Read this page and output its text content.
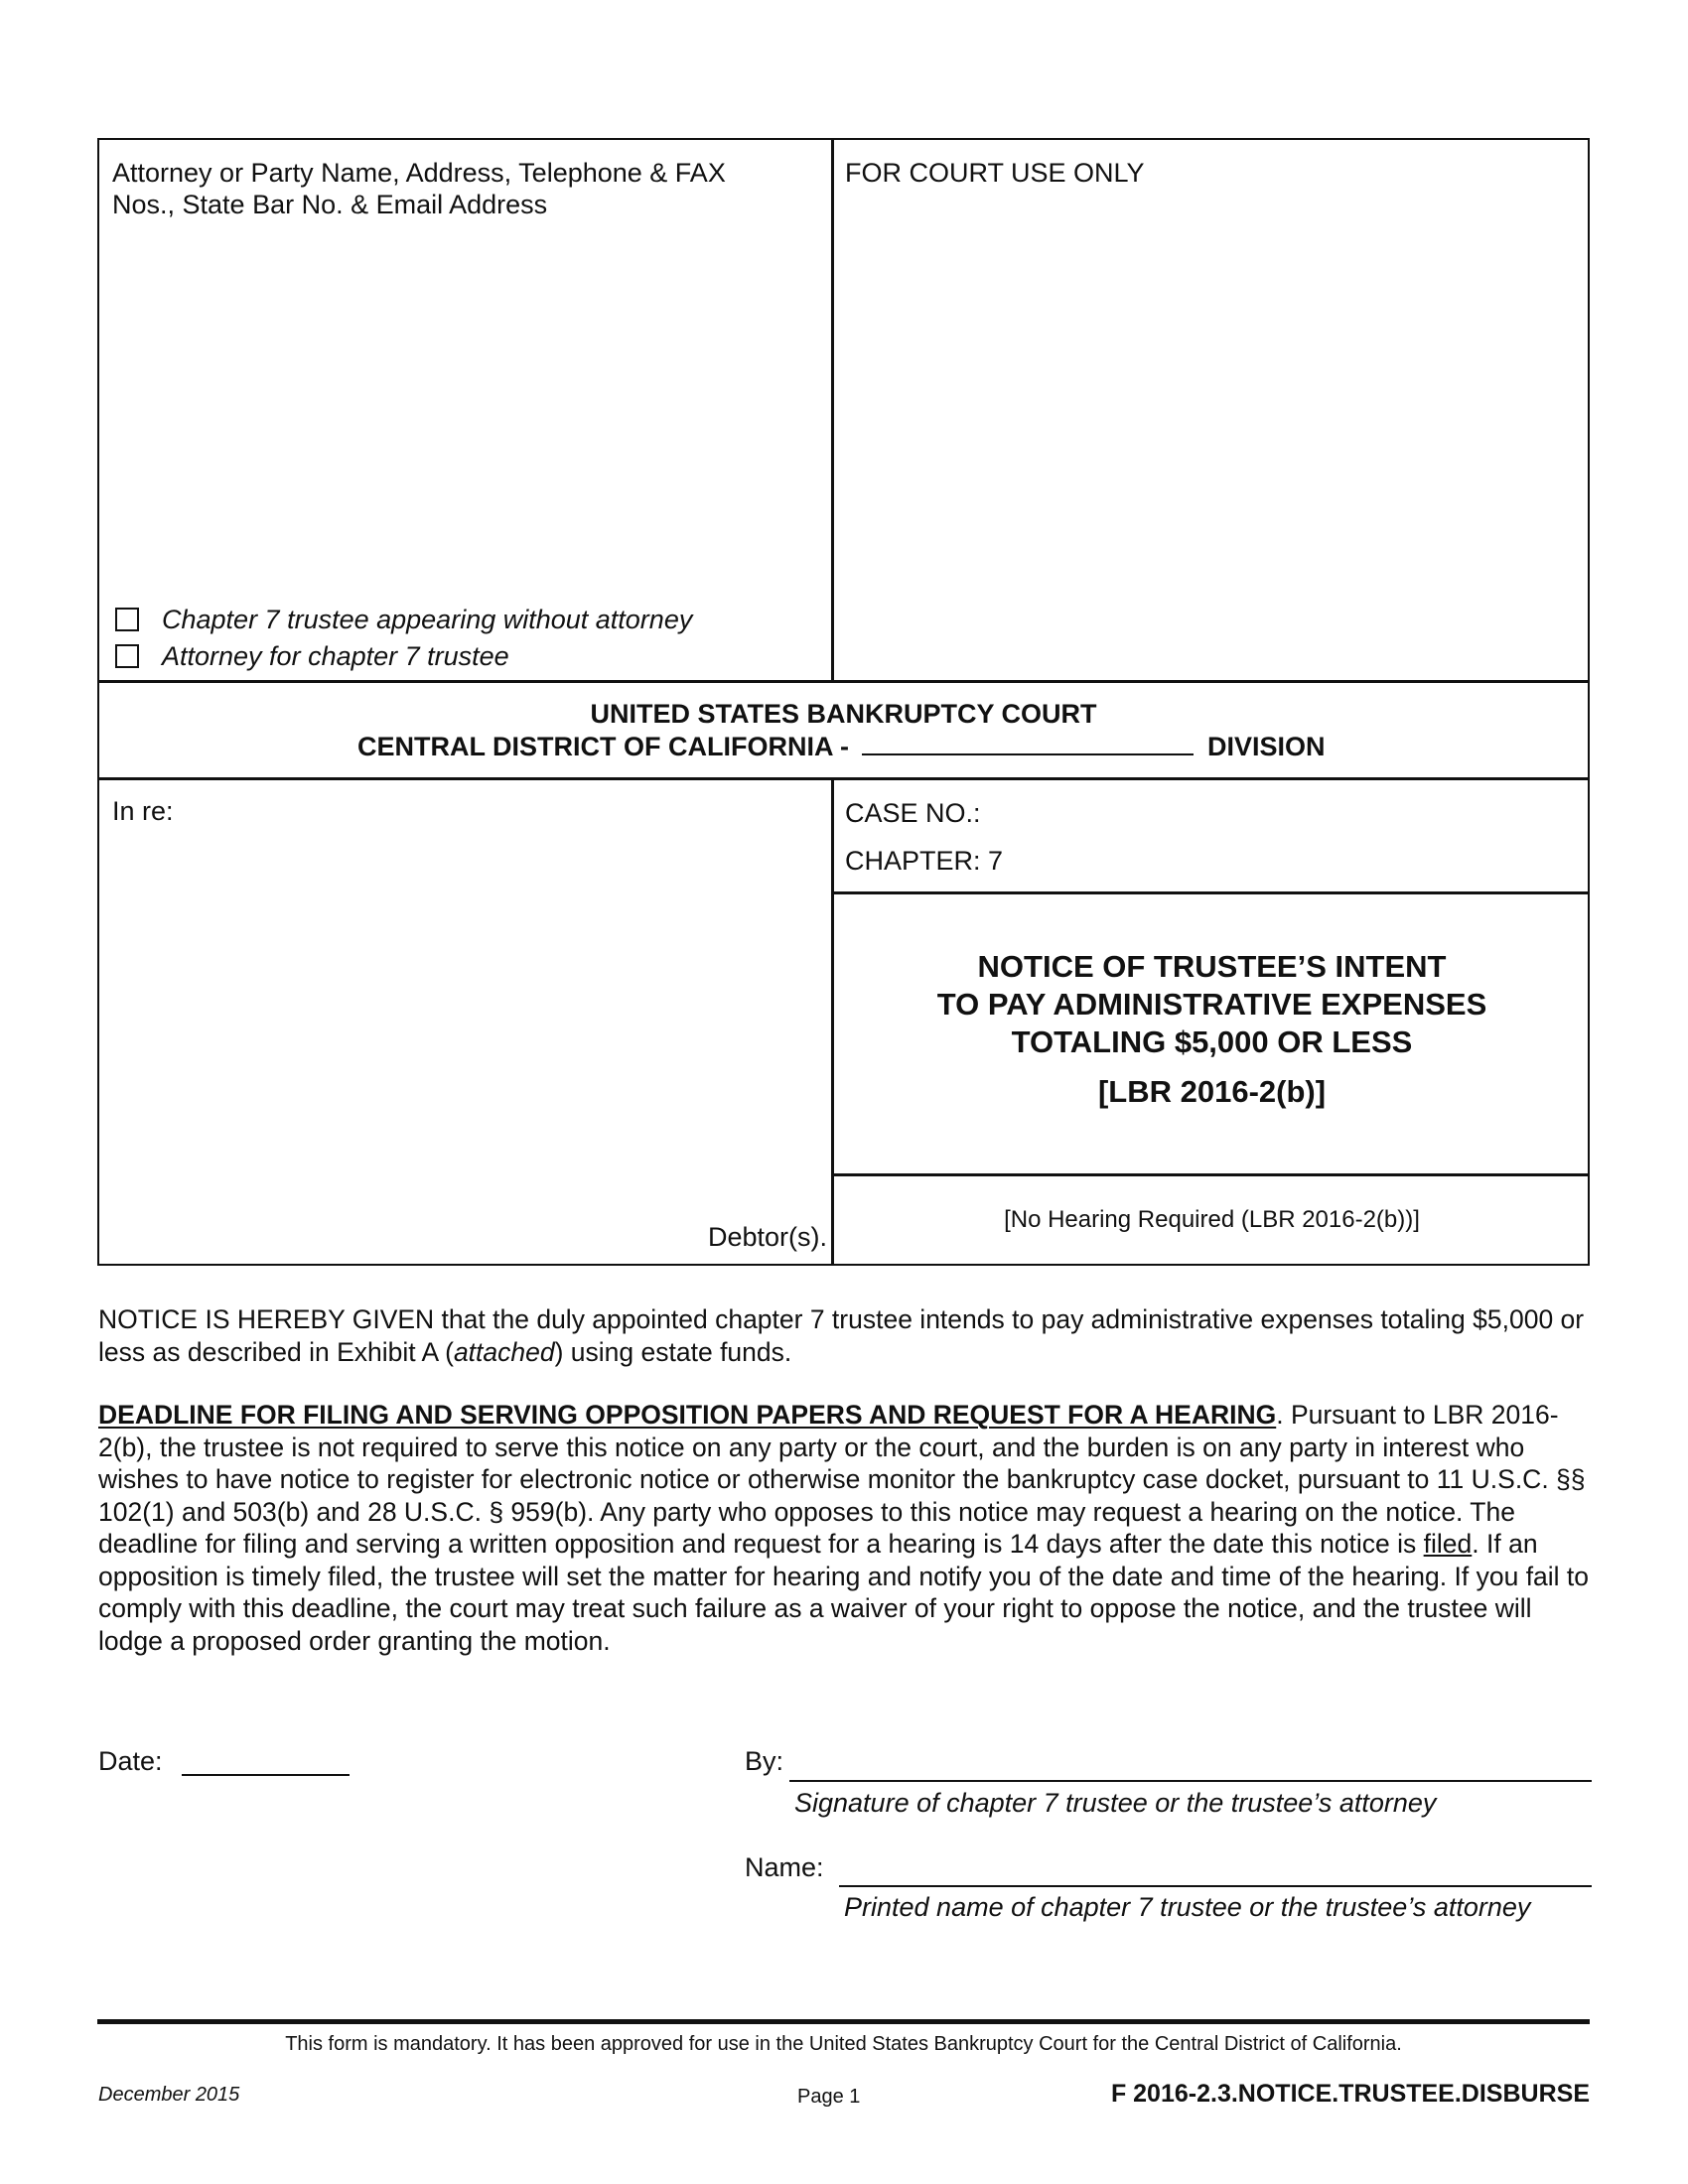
Attorney or Party Name, Address, Telephone & FAX
Nos., State Bar No. & Email Address
FOR COURT USE ONLY
Chapter 7 trustee appearing without attorney
Attorney for chapter 7 trustee
UNITED STATES BANKRUPTCY COURT
CENTRAL DISTRICT OF CALIFORNIA -	DIVISION
In re:
Debtor(s).
CASE NO.:
CHAPTER: 7
NOTICE OF TRUSTEE’S INTENT
TO PAY ADMINISTRATIVE EXPENSES
TOTALING $5,000 OR LESS
[LBR 2016-2(b)]
[No Hearing Required (LBR 2016-2(b))]
NOTICE IS HEREBY GIVEN that the duly appointed chapter 7 trustee intends to pay administrative expenses totaling $5,000 or less as described in Exhibit A (attached) using estate funds.
DEADLINE FOR FILING AND SERVING OPPOSITION PAPERS AND REQUEST FOR A HEARING. Pursuant to LBR 2016-2(b), the trustee is not required to serve this notice on any party or the court, and the burden is on any party in interest who wishes to have notice to register for electronic notice or otherwise monitor the bankruptcy case docket, pursuant to 11 U.S.C. §§ 102(1) and 503(b) and 28 U.S.C. § 959(b). Any party who opposes to this notice may request a hearing on the notice. The deadline for filing and serving a written opposition and request for a hearing is 14 days after the date this notice is filed. If an opposition is timely filed, the trustee will set the matter for hearing and notify you of the date and time of the hearing. If you fail to comply with this deadline, the court may treat such failure as a waiver of your right to oppose the notice, and the trustee will lodge a proposed order granting the motion.
Date:	By:
Signature of chapter 7 trustee or the trustee’s attorney
Name:
Printed name of chapter 7 trustee or the trustee’s attorney
This form is mandatory. It has been approved for use in the United States Bankruptcy Court for the Central District of California.
December 2015	Page 1	F 2016-2.3.NOTICE.TRUSTEE.DISBURSE
